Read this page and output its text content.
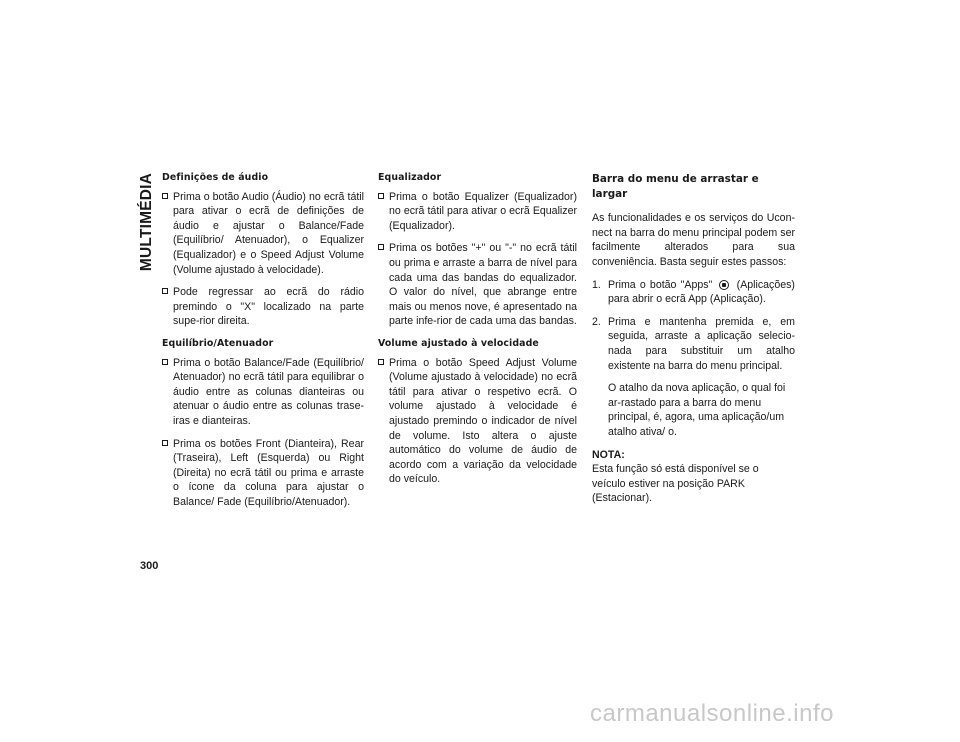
MULTIMÉDIA Definições de áudio
Prima o botão Audio (Áudio) no ecrã tátil para ativar o ecrã de definições de áudio e ajustar o Balance/Fade (Equilíbrio/ Atenuador), o Equalizer (Equalizador) e o Speed Adjust Volume (Volume ajustado à velocidade).
Pode regressar ao ecrã do rádio premindo o "X" localizado na parte supe-rior direita.
Equilíbrio/Atenuador
Prima o botão Balance/Fade (Equilíbrio/ Atenuador) no ecrã tátil para equilibrar o áudio entre as colunas dianteiras ou atenuar o áudio entre as colunas trase-iras e dianteiras.
Prima os botões Front (Dianteira), Rear (Traseira), Left (Esquerda) ou Right (Direita) no ecrã tátil ou prima e arraste o ícone da coluna para ajustar o Balance/ Fade (Equilíbrio/Atenuador).
Equalizador
Prima o botão Equalizer (Equalizador) no ecrã tátil para ativar o ecrã Equalizer (Equalizador).
Prima os botões "+" ou "-" no ecrã tátil ou prima e arraste a barra de nível para cada uma das bandas do equalizador. O valor do nível, que abrange entre mais ou menos nove, é apresentado na parte infe-rior de cada uma das bandas.
Volume ajustado à velocidade
Prima o botão Speed Adjust Volume (Volume ajustado à velocidade) no ecrã tátil para ativar o respetivo ecrã. O volume ajustado à velocidade é ajustado premindo o indicador de nível de volume. Isto altera o ajuste automático do volume de áudio de acordo com a variação da velocidade do veículo.
Barra do menu de arrastar e largar
As funcionalidades e os serviços do Ucon-nect na barra do menu principal podem ser facilmente alterados para sua conveniência. Basta seguir estes passos:
1. Prima o botão "Apps" (Aplicações) para abrir o ecrã App (Aplicação).
2. Prima e mantenha premida e, em seguida, arraste a aplicação selecio-nada para substituir um atalho existente na barra do menu principal.
O atalho da nova aplicação, o qual foi ar-rastado para a barra do menu principal, é, agora, uma aplicação/um atalho ativa/ o.
NOTA:
Esta função só está disponível se o veículo estiver na posição PARK (Estacionar).
300
carmanualsonline.info
